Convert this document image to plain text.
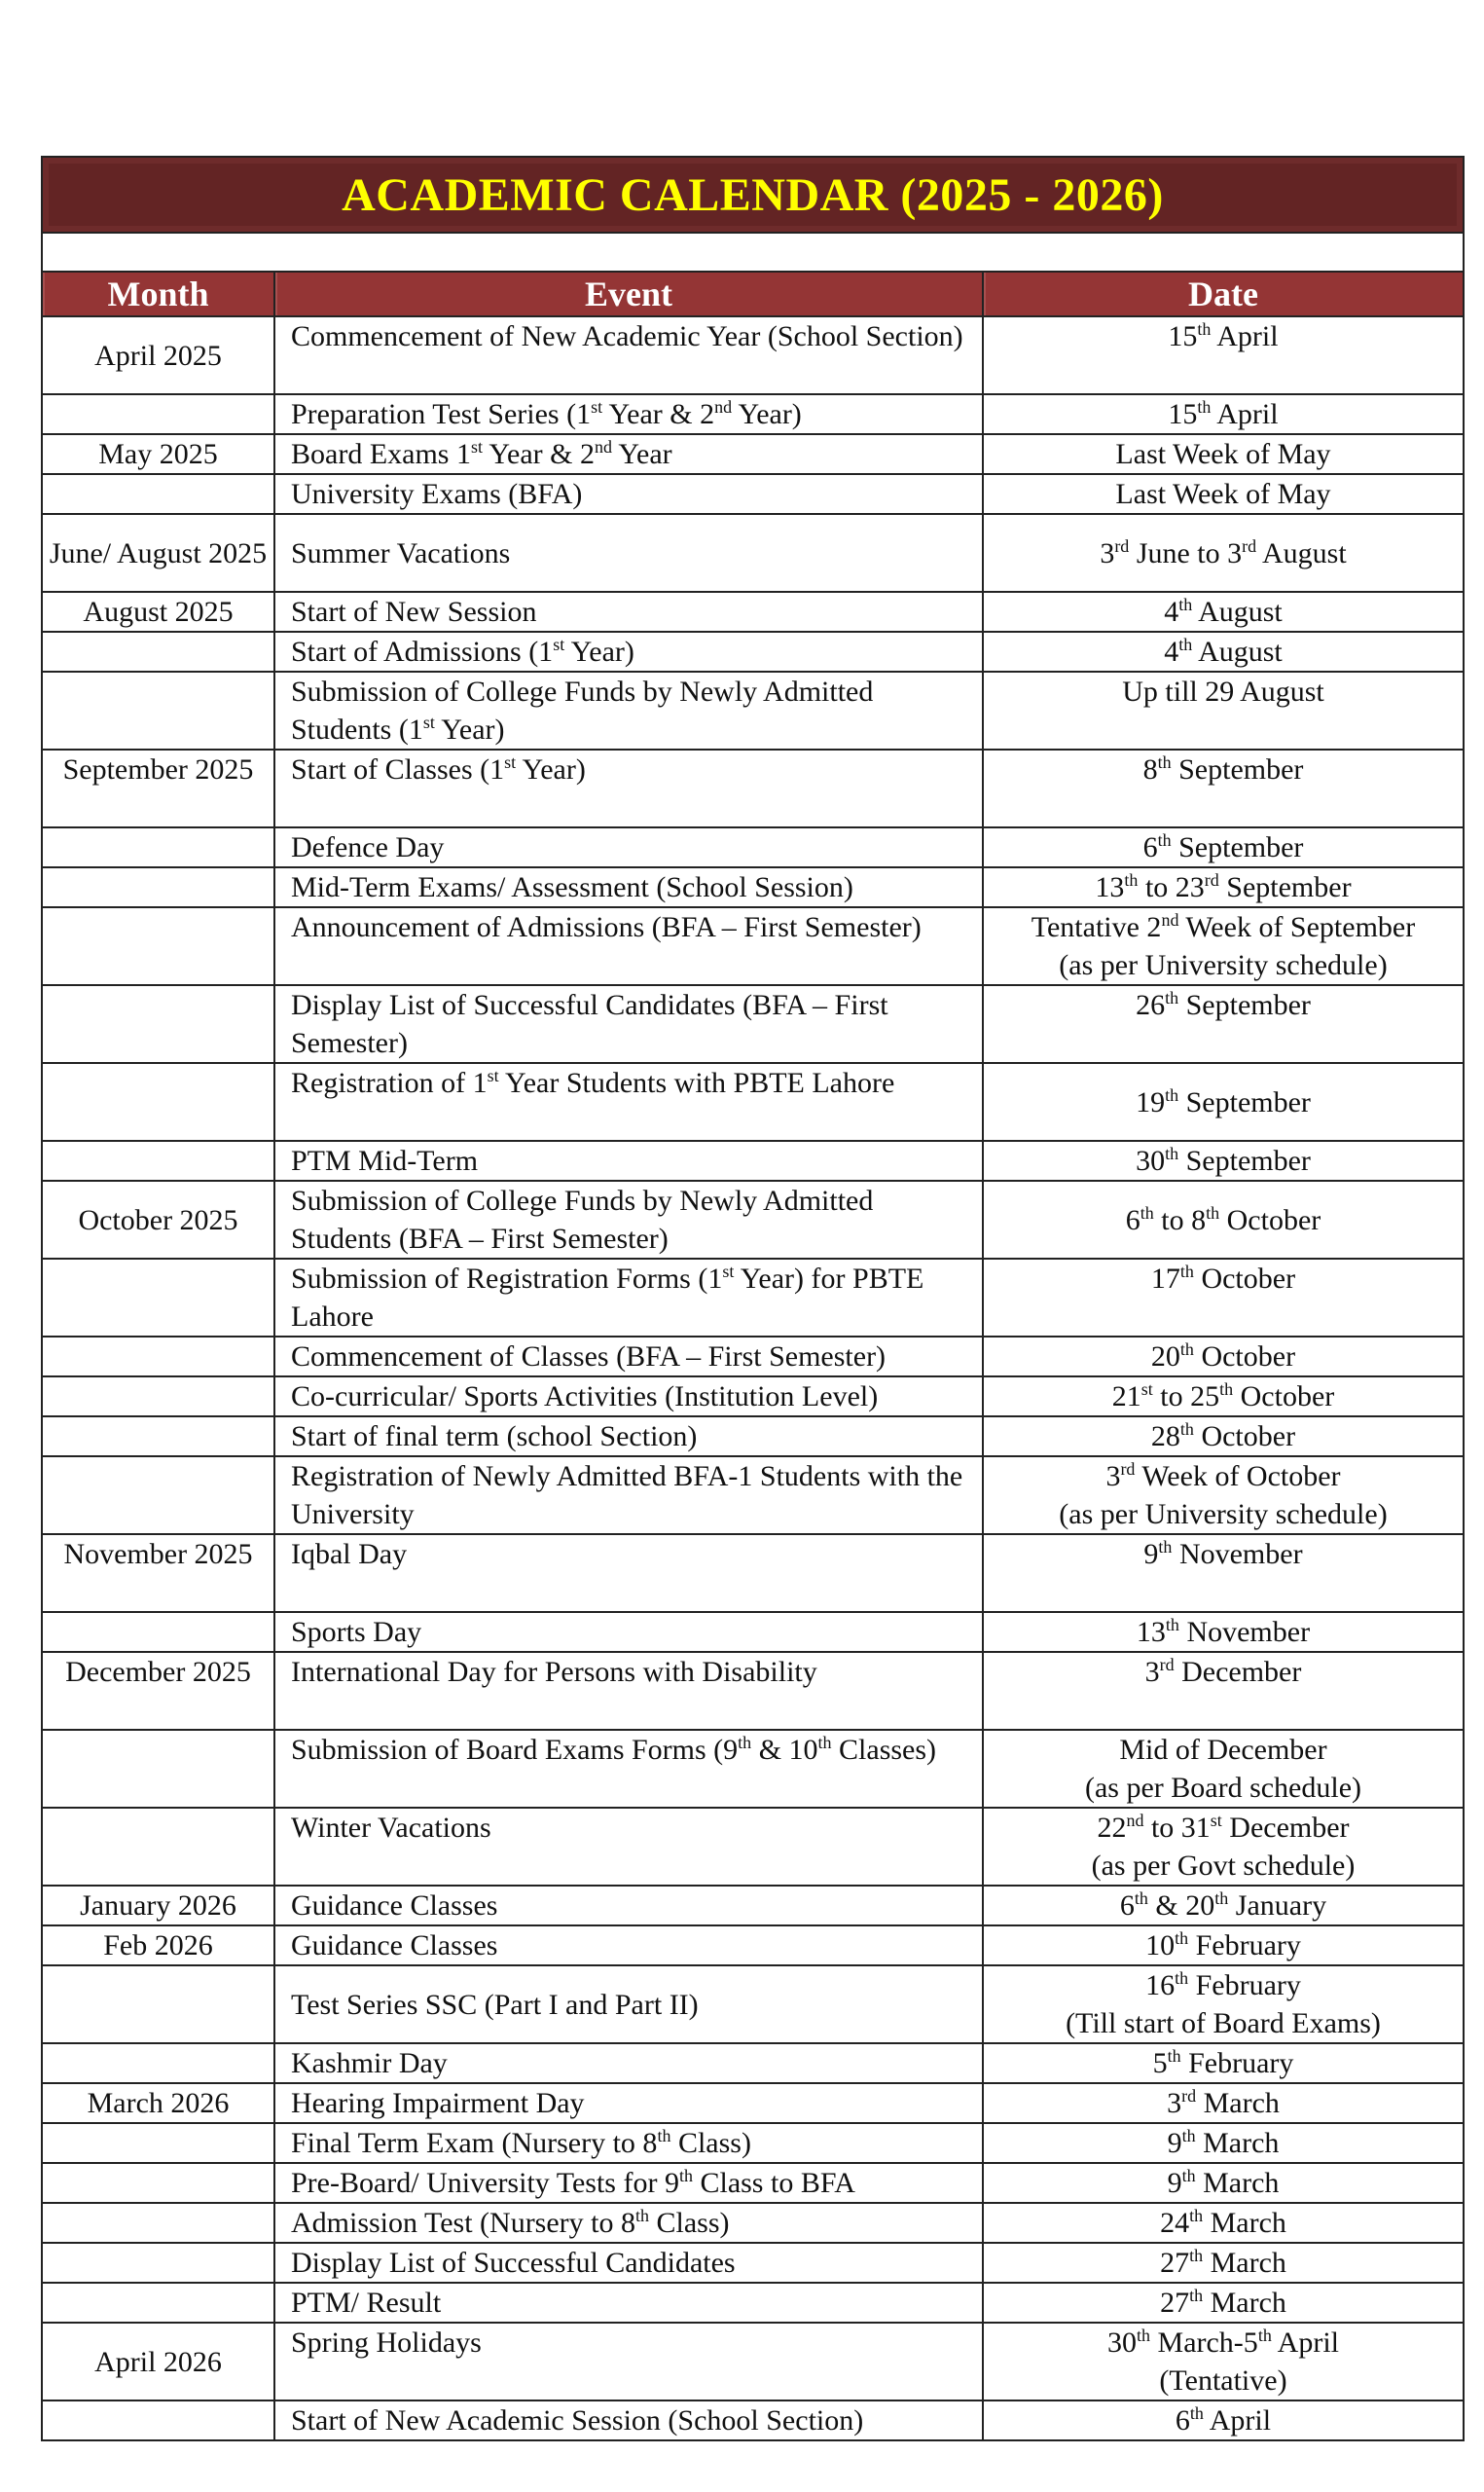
ACADEMIC CALENDAR (2025 - 2026)		

Month	Event	Date
April 2025	Commencement of New Academic Year (School Section)	15th April
	Preparation Test Series (1st Year & 2nd Year)	15th April
May 2025	Board Exams 1st Year & 2nd Year	Last Week of May
	University Exams (BFA)	Last Week of May
June/ August 2025	Summer Vacations	3rd June to 3rd August
August 2025	Start of New Session	4th August
	Start of Admissions (1st Year)	4th August
	Submission of College Funds by Newly Admitted Students (1st Year)	Up till 29 August
September 2025	Start of Classes (1st Year)	8th September
	Defence Day	6th September
	Mid-Term Exams/ Assessment (School Session)	13th to 23rd September
	Announcement of Admissions (BFA – First Semester)	Tentative 2nd Week of September
(as per University schedule)
	Display List of Successful Candidates (BFA – First Semester)	26th September
	Registration of 1st Year Students with PBTE Lahore	19th September
	PTM Mid-Term	30th September
October 2025	Submission of College Funds by Newly Admitted Students (BFA – First Semester)	6th to 8th October
	Submission of Registration Forms (1st Year) for PBTE Lahore	17th October
	Commencement of Classes (BFA – First Semester)	20th October
	Co-curricular/ Sports Activities (Institution Level)	21st to 25th October
	Start of final term (school Section)	28th October
	Registration of Newly Admitted BFA-1 Students with the University	3rd Week of October
(as per University schedule)
November 2025	Iqbal Day	9th November
	Sports Day	13th November
December 2025	International Day for Persons with Disability	3rd December
	Submission of Board Exams Forms (9th & 10th Classes)	Mid of December
(as per Board schedule)
	Winter Vacations	22nd to 31st December
(as per Govt schedule)
January 2026	Guidance Classes	6th & 20th January
Feb 2026	Guidance Classes	10th February
	Test Series SSC (Part I and Part II)	16th February
(Till start of Board Exams)
	Kashmir Day	5th February
March 2026	Hearing Impairment Day	3rd March
	Final Term Exam (Nursery to 8th Class)	9th March
	Pre-Board/ University Tests for 9th Class to BFA	9th March
	Admission Test (Nursery to 8th Class)	24th March
	Display List of Successful Candidates	27th March
	PTM/ Result	27th March
April 2026	Spring Holidays	30th March-5th April
(Tentative)
	Start of New Academic Session (School Section)	6th April
